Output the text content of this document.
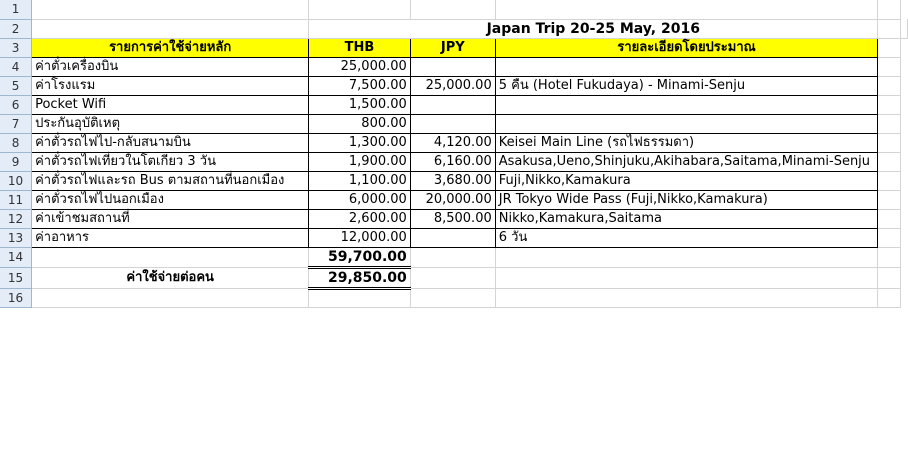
1						
2		Japan Trip 20-25 May, 2016				
3	รายการค่าใช้จ่ายหลัก	THB	JPY	รายละเอียดโดยประมาณ		
4	ค่าตั๋วเครื่องบิน	25,000.00				
5	ค่าโรงแรม	7,500.00	25,000.00	5 คืน (Hotel Fukudaya) - Minami-Senju		
6	Pocket Wifi	1,500.00				
7	ประกันอุบัติเหตุ	800.00				
8	ค่าตั๋วรถไฟไป-กลับสนามบิน	1,300.00	4,120.00	Keisei Main Line (รถไฟธรรมดา)		
9	ค่าตั๋วรถไฟเที่ยวในโตเกียว 3 วัน	1,900.00	6,160.00	Asakusa,Ueno,Shinjuku,Akihabara,Saitama,Minami-Senju		
10	ค่าตั๋วรถไฟและรถ Bus ตามสถานที่นอกเมือง	1,100.00	3,680.00	Fuji,Nikko,Kamakura		
11	ค่าตั๋วรถไฟไปนอกเมือง	6,000.00	20,000.00	JR Tokyo Wide Pass (Fuji,Nikko,Kamakura)		
12	ค่าเข้าชมสถานที่	2,600.00	8,500.00	Nikko,Kamakura,Saitama		
13	ค่าอาหาร	12,000.00		6 วัน		
14		59,700.00				
15	ค่าใช้จ่ายต่อคน	29,850.00				
16						
